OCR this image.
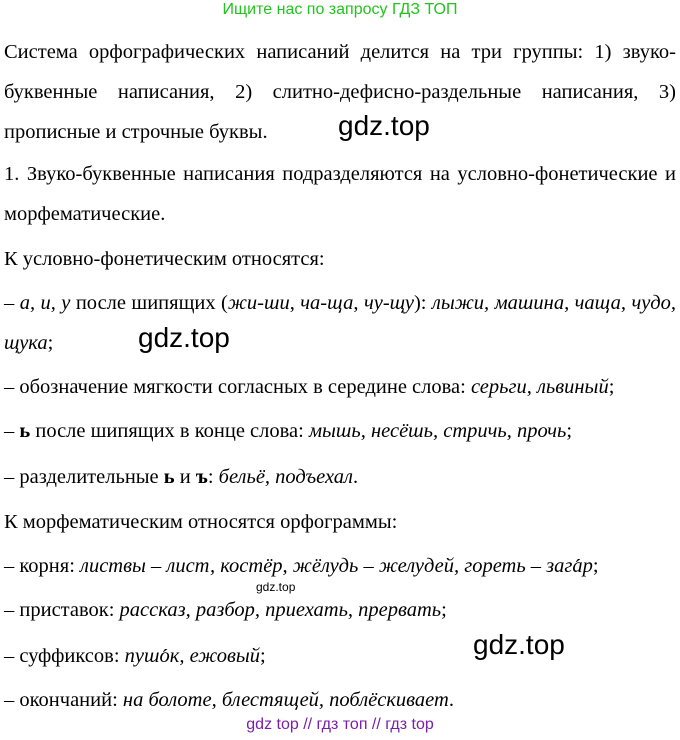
Ищите нас по запросу ГДЗ ТОП
Система орфографических написаний делится на три группы: 1) звуко-буквенные написания, 2) слитно-дефисно-раздельные написания, 3) прописные и строчные буквы.
1. Звуко-буквенные написания подразделяются на условно-фонетические и морфематические.
К условно-фонетическим относятся:
– а, и, у после шипящих (жи-ши, ча-ща, чу-щу): лыжи, машина, чаща, чудо, щука;
– обозначение мягкости согласных в середине слова: серьги, львиный;
– ь после шипящих в конце слова: мышь, несёшь, стричь, прочь;
– разделительные ь и ъ: бельё, подъехал.
К морфематическим относятся орфограммы:
– корня: листвы – лист, костёр, жёлудь – желудей, гореть – зага ´р;
– приставок: рассказ, разбор, приехать, прервать;
– суффиксов: пушо ´к, ежовый;
– окончаний: на болоте, блестящей, поблёскивает.
gdz.top
gdz.top
gdz.top
gdz.top
gdz top // гдз топ // гдз top
